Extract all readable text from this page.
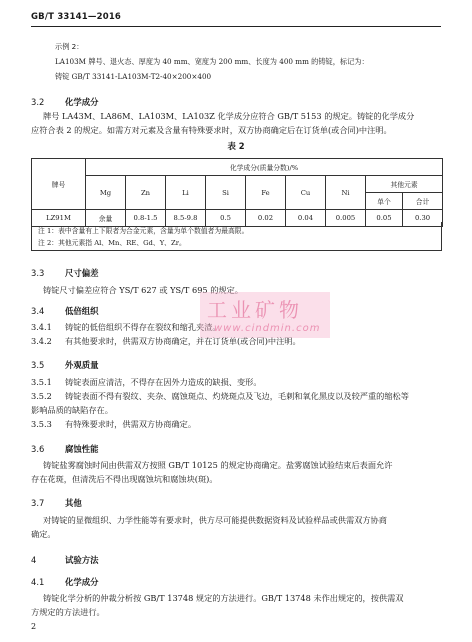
GB/T 33141—2016
示例 2：
LA103M 牌号、退火态、厚度为 40 mm、宽度为 200 mm、长度为 400 mm 的铸锭，标记为：
铸锭 GB/T 33141-LA103M-T2-40×200×400
3.2 化学成分
牌号 LA43M、LA86M、LA103M、LA103Z 化学成分应符合 GB/T 5153 的规定。铸锭的化学成分
应符合表 2 的规定。如需方对元素及含量有特殊要求时，双方协商确定后在订货单(或合同)中注明。
表 2
牌号	化学成分(质量分数)/%								
	Mg	Zn	Li	Si	Fe	Cu	Ni	其他元素	
								单个	合计
LZ91M	余量	0.8-1.5	8.5-9.8	0.5	0.02	0.04	0.005	0.05	0.30
注 1：表中含量有上下限者为合金元素，含量为单个数值者为最高限。
注 2：其他元素指 Al、Mn、RE、Gd、Y、Zr。
3.3 尺寸偏差
铸锭尺寸偏差应符合 YS/T 627 或 YS/T 695 的规定。
3.4 低倍组织
3.4.1 铸锭的低倍组织不得存在裂纹和缩孔夹渣。
3.4.2 有其他要求时，供需双方协商确定，并在订货单(或合同)中注明。
3.5 外观质量
3.5.1 铸锭表面应清洁，不得存在因外力造成的缺损、变形。
3.5.2 铸锭表面不得有裂纹、夹杂、腐蚀斑点、灼烧斑点及飞边，毛刺和氧化黑皮以及较严重的缩松等
影响品质的缺陷存在。
3.5.3 有特殊要求时，供需双方协商确定。
3.6 腐蚀性能
铸锭盐雾腐蚀时间由供需双方按照 GB/T 10125 的规定协商确定。盐雾腐蚀试验结束后表面允许
存在花斑，但清洗后不得出现腐蚀坑和腐蚀块(斑)。
3.7 其他
对铸锭的显微组织、力学性能等有要求时，供方尽可能提供数据资料及试验样品或供需双方协商
确定。
4	试验方法
4.1 化学成分
铸锭化学分析的仲裁分析按 GB/T 13748 规定的方法进行。GB/T 13748 未作出规定的，按供需双
方规定的方法进行。
工业矿物
www.cindmin.com
2
